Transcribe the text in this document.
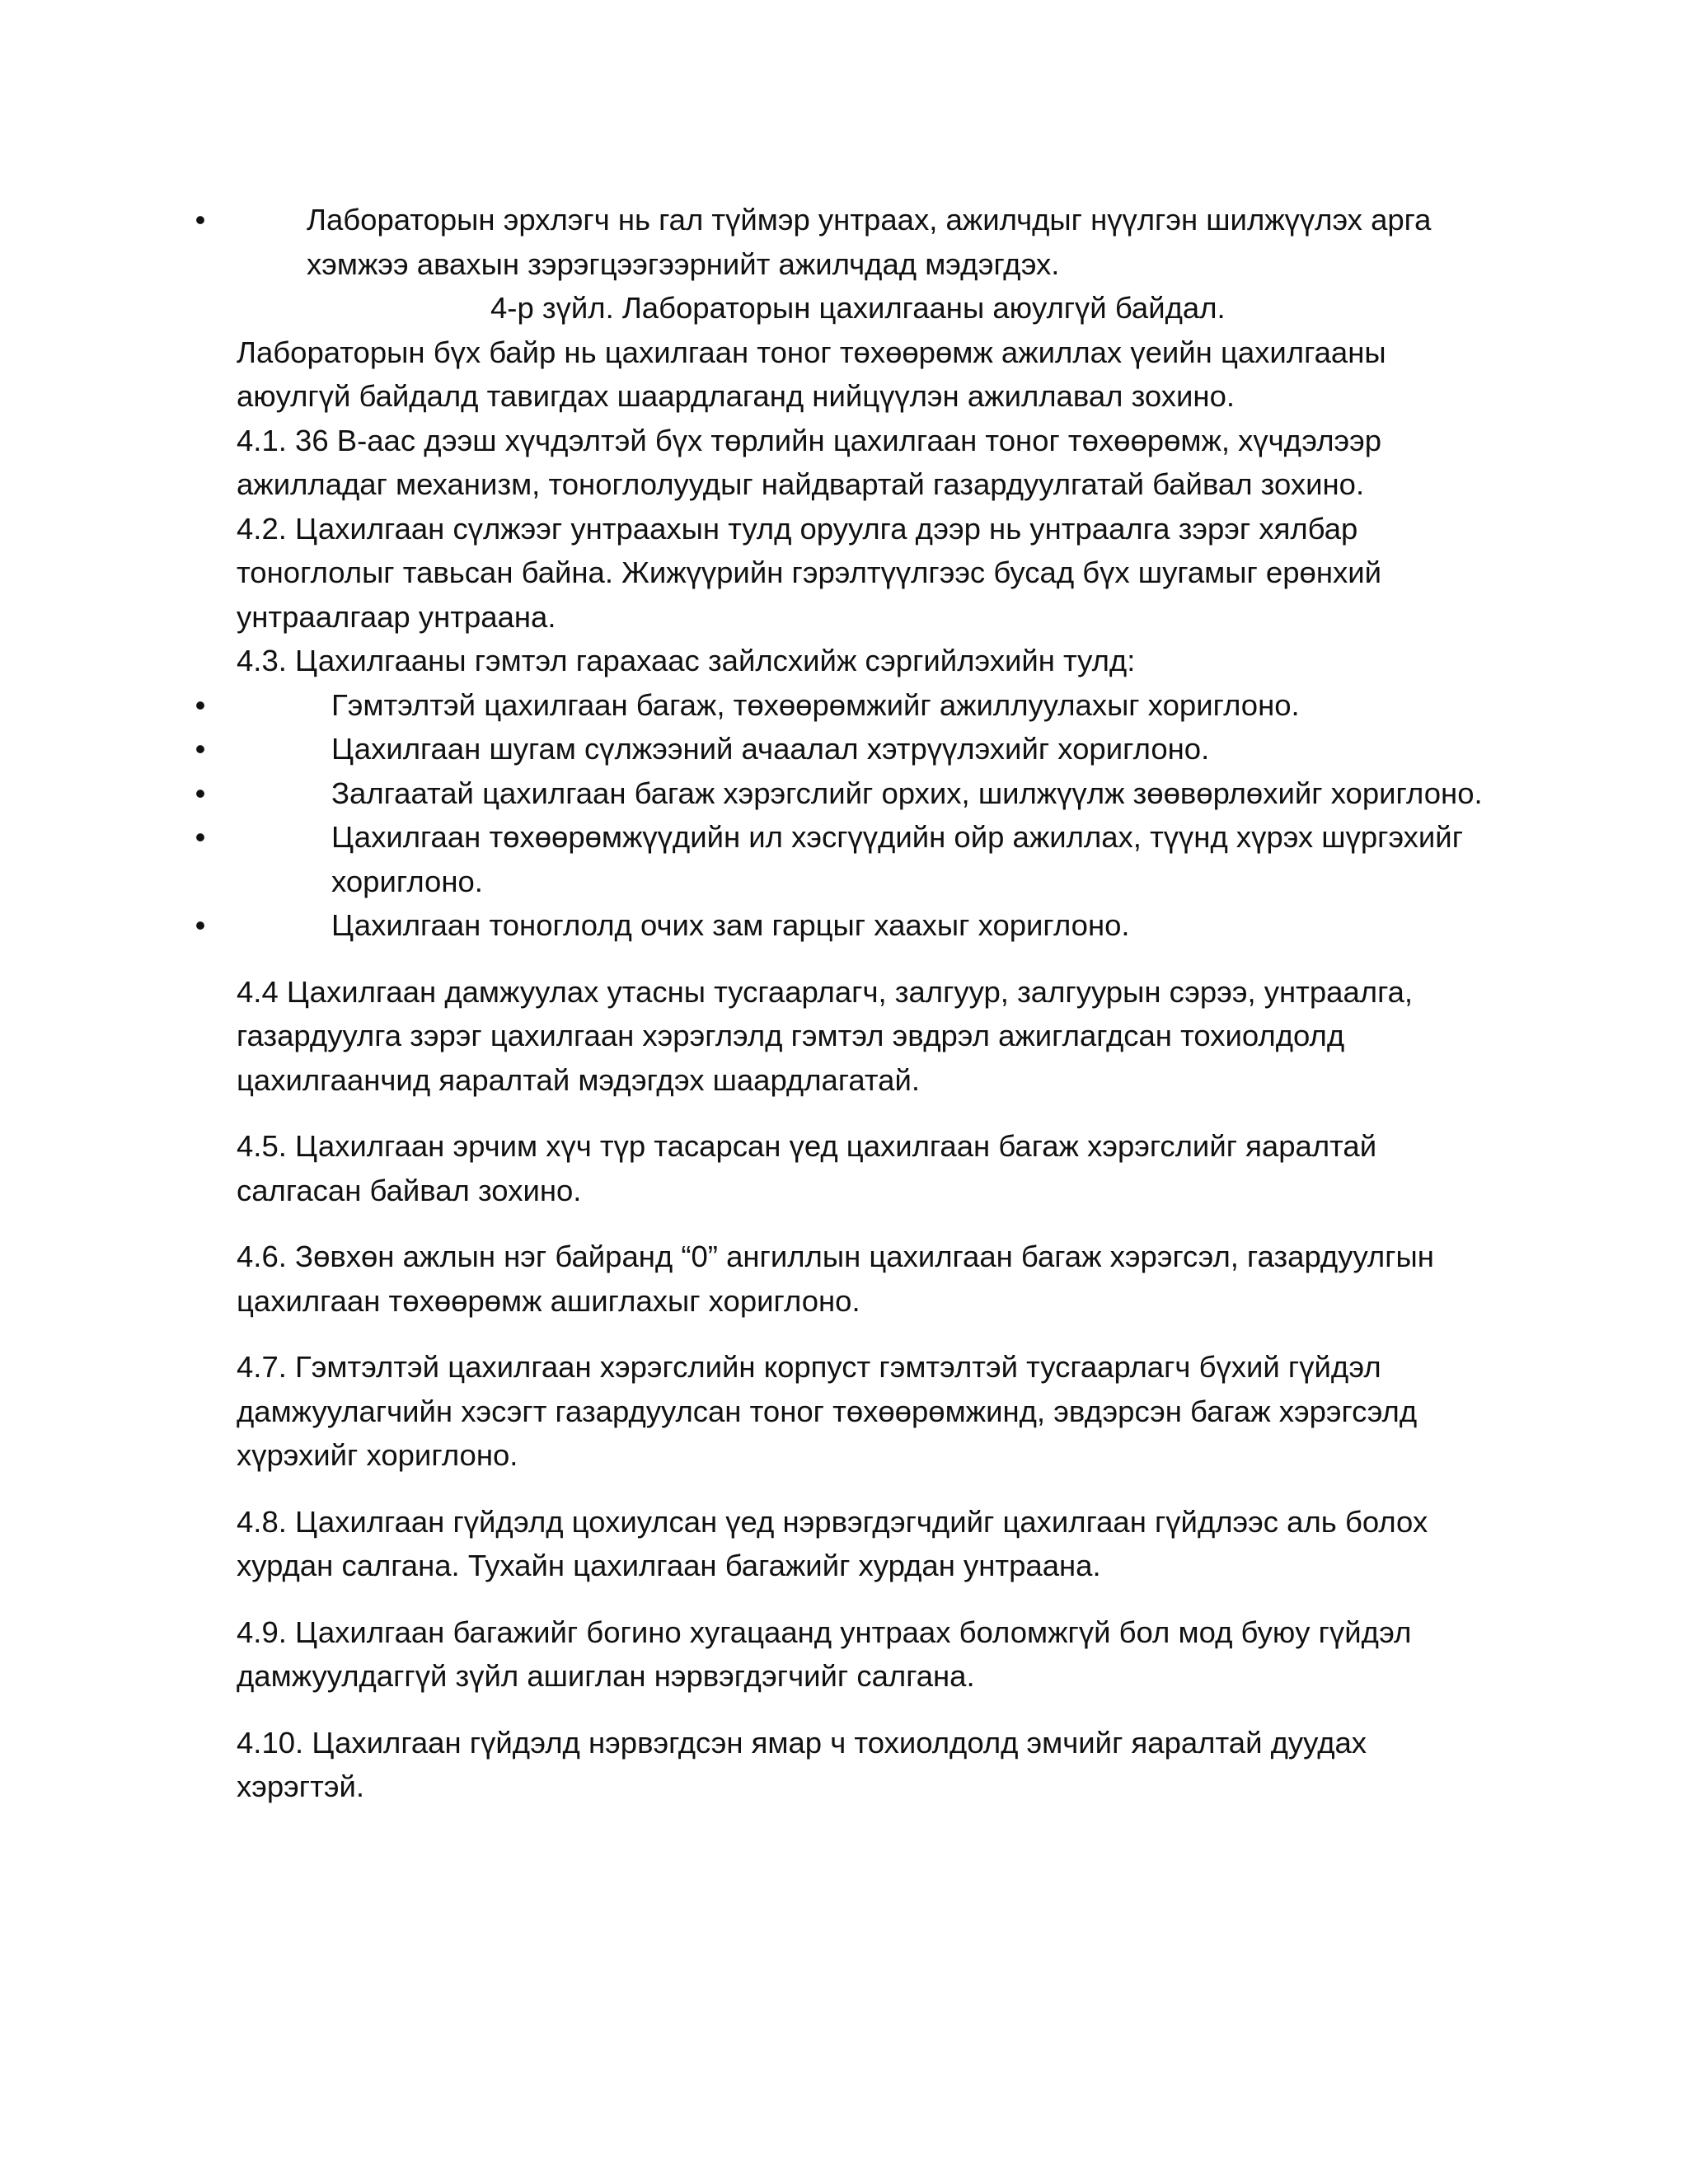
•	Лабораторын эрхлэгч нь гал түймэр унтраах, ажилчдыг нүүлгэн шилжүүлэх арга хэмжээ авахын зэрэгцээгээрнийт ажилчдад мэдэгдэх.

4-р зүйл. Лабораторын цахилгааны аюулгүй байдал.

Лабораторын бүх байр нь цахилгаан тоног төхөөрөмж ажиллах үеийн цахилгааны аюулгүй байдалд тавигдах шаардлаганд нийцүүлэн ажиллавал зохино.

4.1. 36 В-аас дээш хүчдэлтэй бүх төрлийн цахилгаан тоног төхөөрөмж, хүчдэлээр ажилладаг механизм, тоноглолуудыг найдвартай газардуулгатай байвал зохино.

4.2. Цахилгаан сүлжээг унтраахын тулд оруулга дээр нь унтраалга зэрэг хялбар тоноглолыг тавьсан байна. Жижүүрийн гэрэлтүүлгээс бусад бүх шугамыг ерөнхий унтраалгаар унтраана.

4.3. Цахилгааны гэмтэл гарахаас зайлсхийж сэргийлэхийн тулд:

•	Гэмтэлтэй цахилгаан багаж, төхөөрөмжийг ажиллуулахыг хориглоно.
•	Цахилгаан шугам сүлжээний ачаалал хэтрүүлэхийг хориглоно.
•	Залгаатай цахилгаан багаж хэрэгслийг орхих, шилжүүлж зөөвөрлөхийг хориглоно.
•	Цахилгаан төхөөрөмжүүдийн ил хэсгүүдийн ойр ажиллах, түүнд хүрэх шүргэхийг хориглоно.
•	Цахилгаан тоноглолд очих зам гарцыг хаахыг хориглоно.

4.4 Цахилгаан дамжуулах утасны тусгаарлагч, залгуур, залгуурын сэрээ, унтраалга, газардуулга зэрэг цахилгаан хэрэглэлд гэмтэл эвдрэл ажиглагдсан тохиолдолд цахилгаанчид яаралтай мэдэгдэх шаардлагатай.

4.5. Цахилгаан эрчим хүч түр тасарсан үед цахилгаан багаж хэрэгслийг яаралтай салгасан байвал зохино.

4.6. Зөвхөн ажлын нэг байранд “0” ангиллын цахилгаан багаж хэрэгсэл, газардуулгын цахилгаан төхөөрөмж ашиглахыг хориглоно.

4.7. Гэмтэлтэй цахилгаан хэрэгслийн корпуст гэмтэлтэй тусгаарлагч бүхий гүйдэл дамжуулагчийн хэсэгт газардуулсан тоног төхөөрөмжинд, эвдэрсэн багаж хэрэгсэлд хүрэхийг хориглоно.

4.8. Цахилгаан гүйдэлд цохиулсан үед нэрвэгдэгчдийг цахилгаан гүйдлээс аль болох хурдан салгана. Тухайн цахилгаан багажийг хурдан унтраана.

4.9. Цахилгаан багажийг богино хугацаанд унтраах боломжгүй бол мод буюу гүйдэл дамжуулдаггүй зүйл ашиглан нэрвэгдэгчийг салгана.

4.10. Цахилгаан гүйдэлд нэрвэгдсэн ямар ч тохиолдолд эмчийг яаралтай дуудах хэрэгтэй.
